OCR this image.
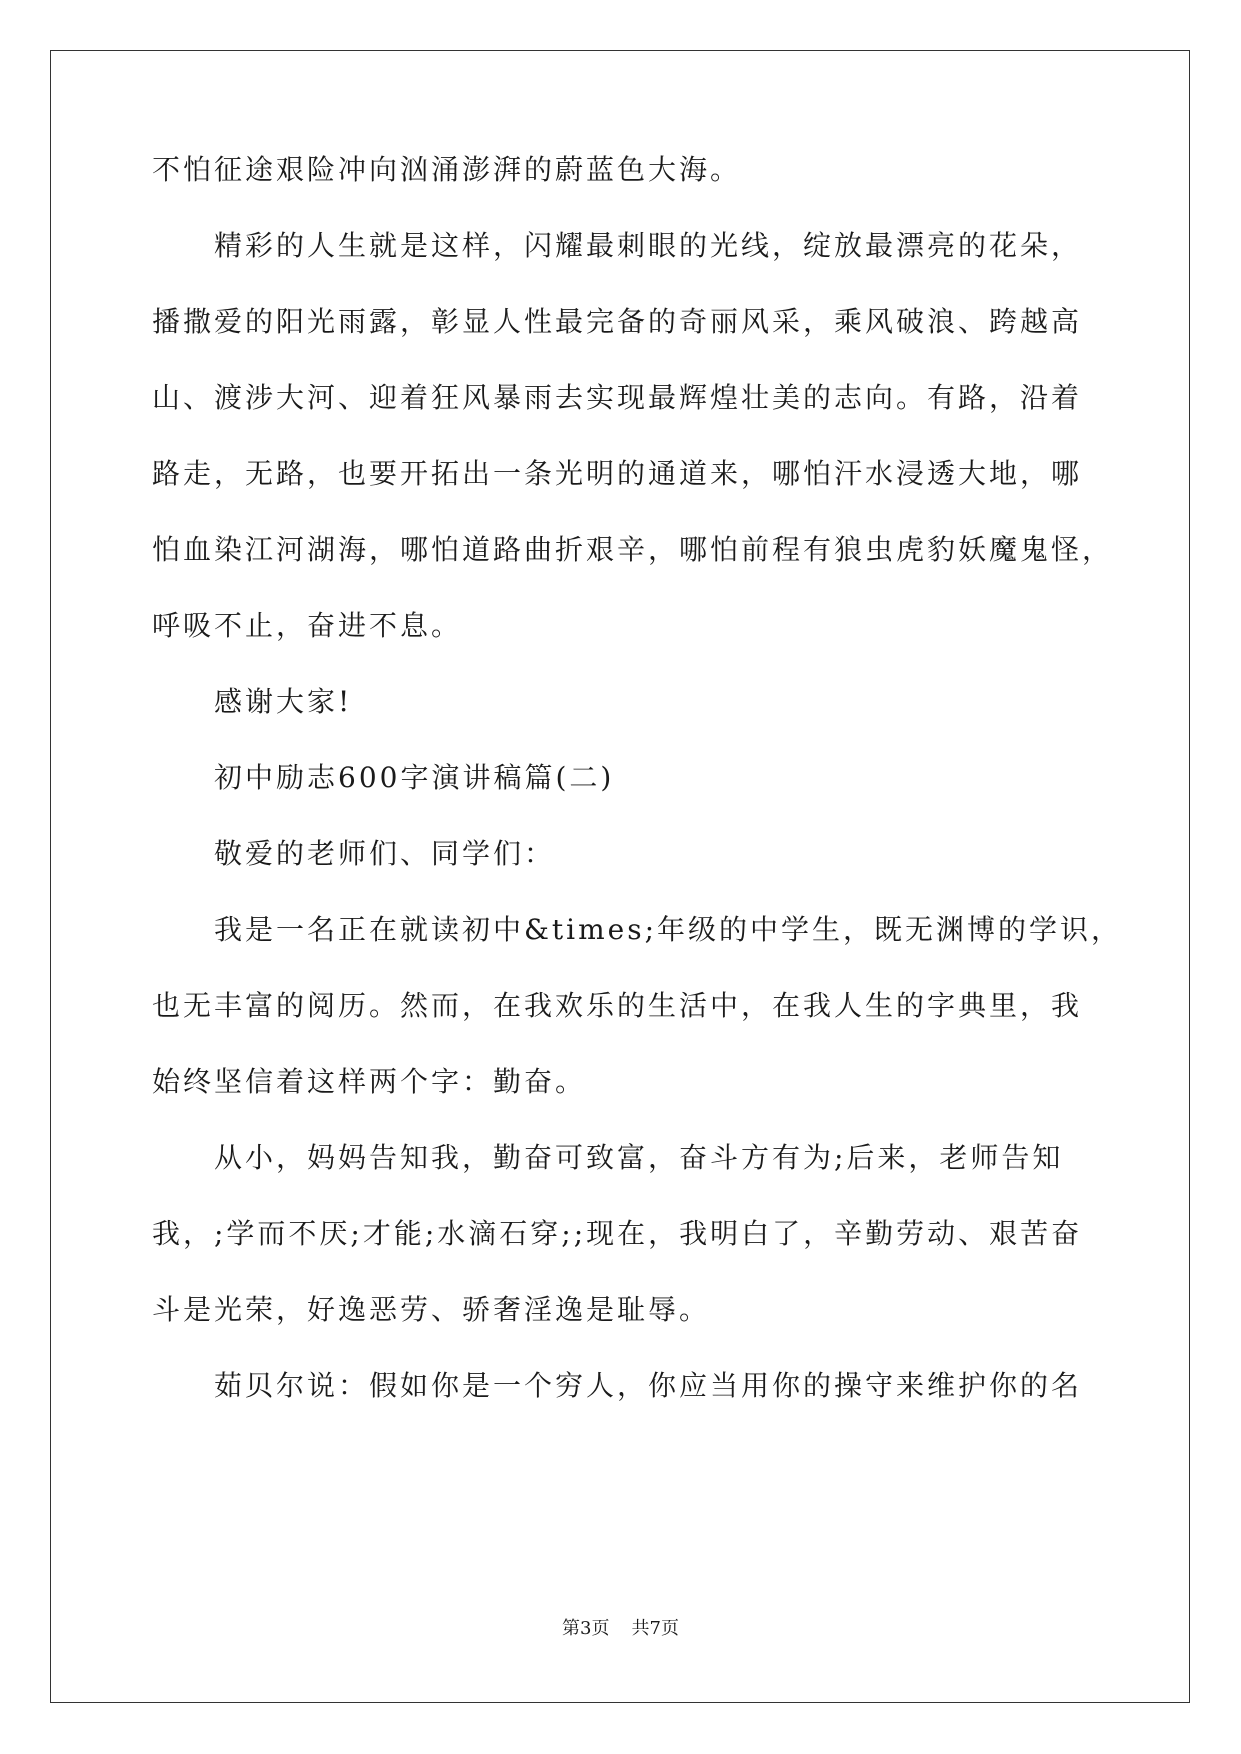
不怕征途艰险冲向汹涌澎湃的蔚蓝色大海。
精彩的人生就是这样，闪耀最刺眼的光线，绽放最漂亮的花朵，
播撒爱的阳光雨露，彰显人性最完备的奇丽风采，乘风破浪、跨越高
山、渡涉大河、迎着狂风暴雨去实现最辉煌壮美的志向。有路，沿着
路走，无路，也要开拓出一条光明的通道来，哪怕汗水浸透大地，哪
怕血染江河湖海，哪怕道路曲折艰辛，哪怕前程有狼虫虎豹妖魔鬼怪，
呼吸不止，奋进不息。
感谢大家!
初中励志600字演讲稿篇(二)
敬爱的老师们、同学们：
我是一名正在就读初中&times;年级的中学生，既无渊博的学识，
也无丰富的阅历。然而，在我欢乐的生活中，在我人生的字典里，我
始终坚信着这样两个字：勤奋。
从小，妈妈告知我，勤奋可致富，奋斗方有为;后来，老师告知
我，;学而不厌;才能;水滴石穿;;现在，我明白了，辛勤劳动、艰苦奋
斗是光荣，好逸恶劳、骄奢淫逸是耻辱。
茹贝尔说：假如你是一个穷人，你应当用你的操守来维护你的名
第3页 共7页
